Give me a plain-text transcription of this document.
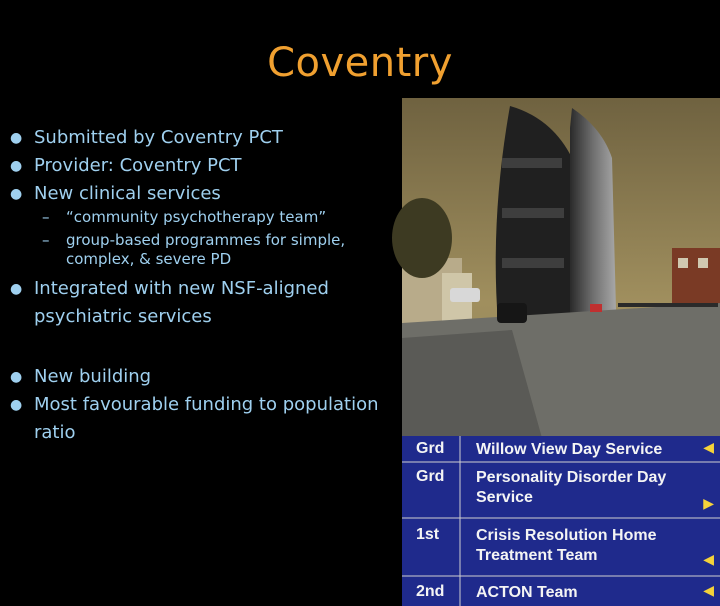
Coventry
● Submitted by Coventry PCT
● Provider: Coventry PCT
● New clinical services
– “community psychotherapy team”
– group-based programmes for simple, complex, & severe PD
● Integrated with new NSF-aligned psychiatric services
● New building
● Most favourable funding to population ratio
Grd Willow View Day Service	◀
Grd Personality Disorder Day Service	▶
1st Crisis Resolution Home Treatment Team	◀
2nd ACTON Team	◀
